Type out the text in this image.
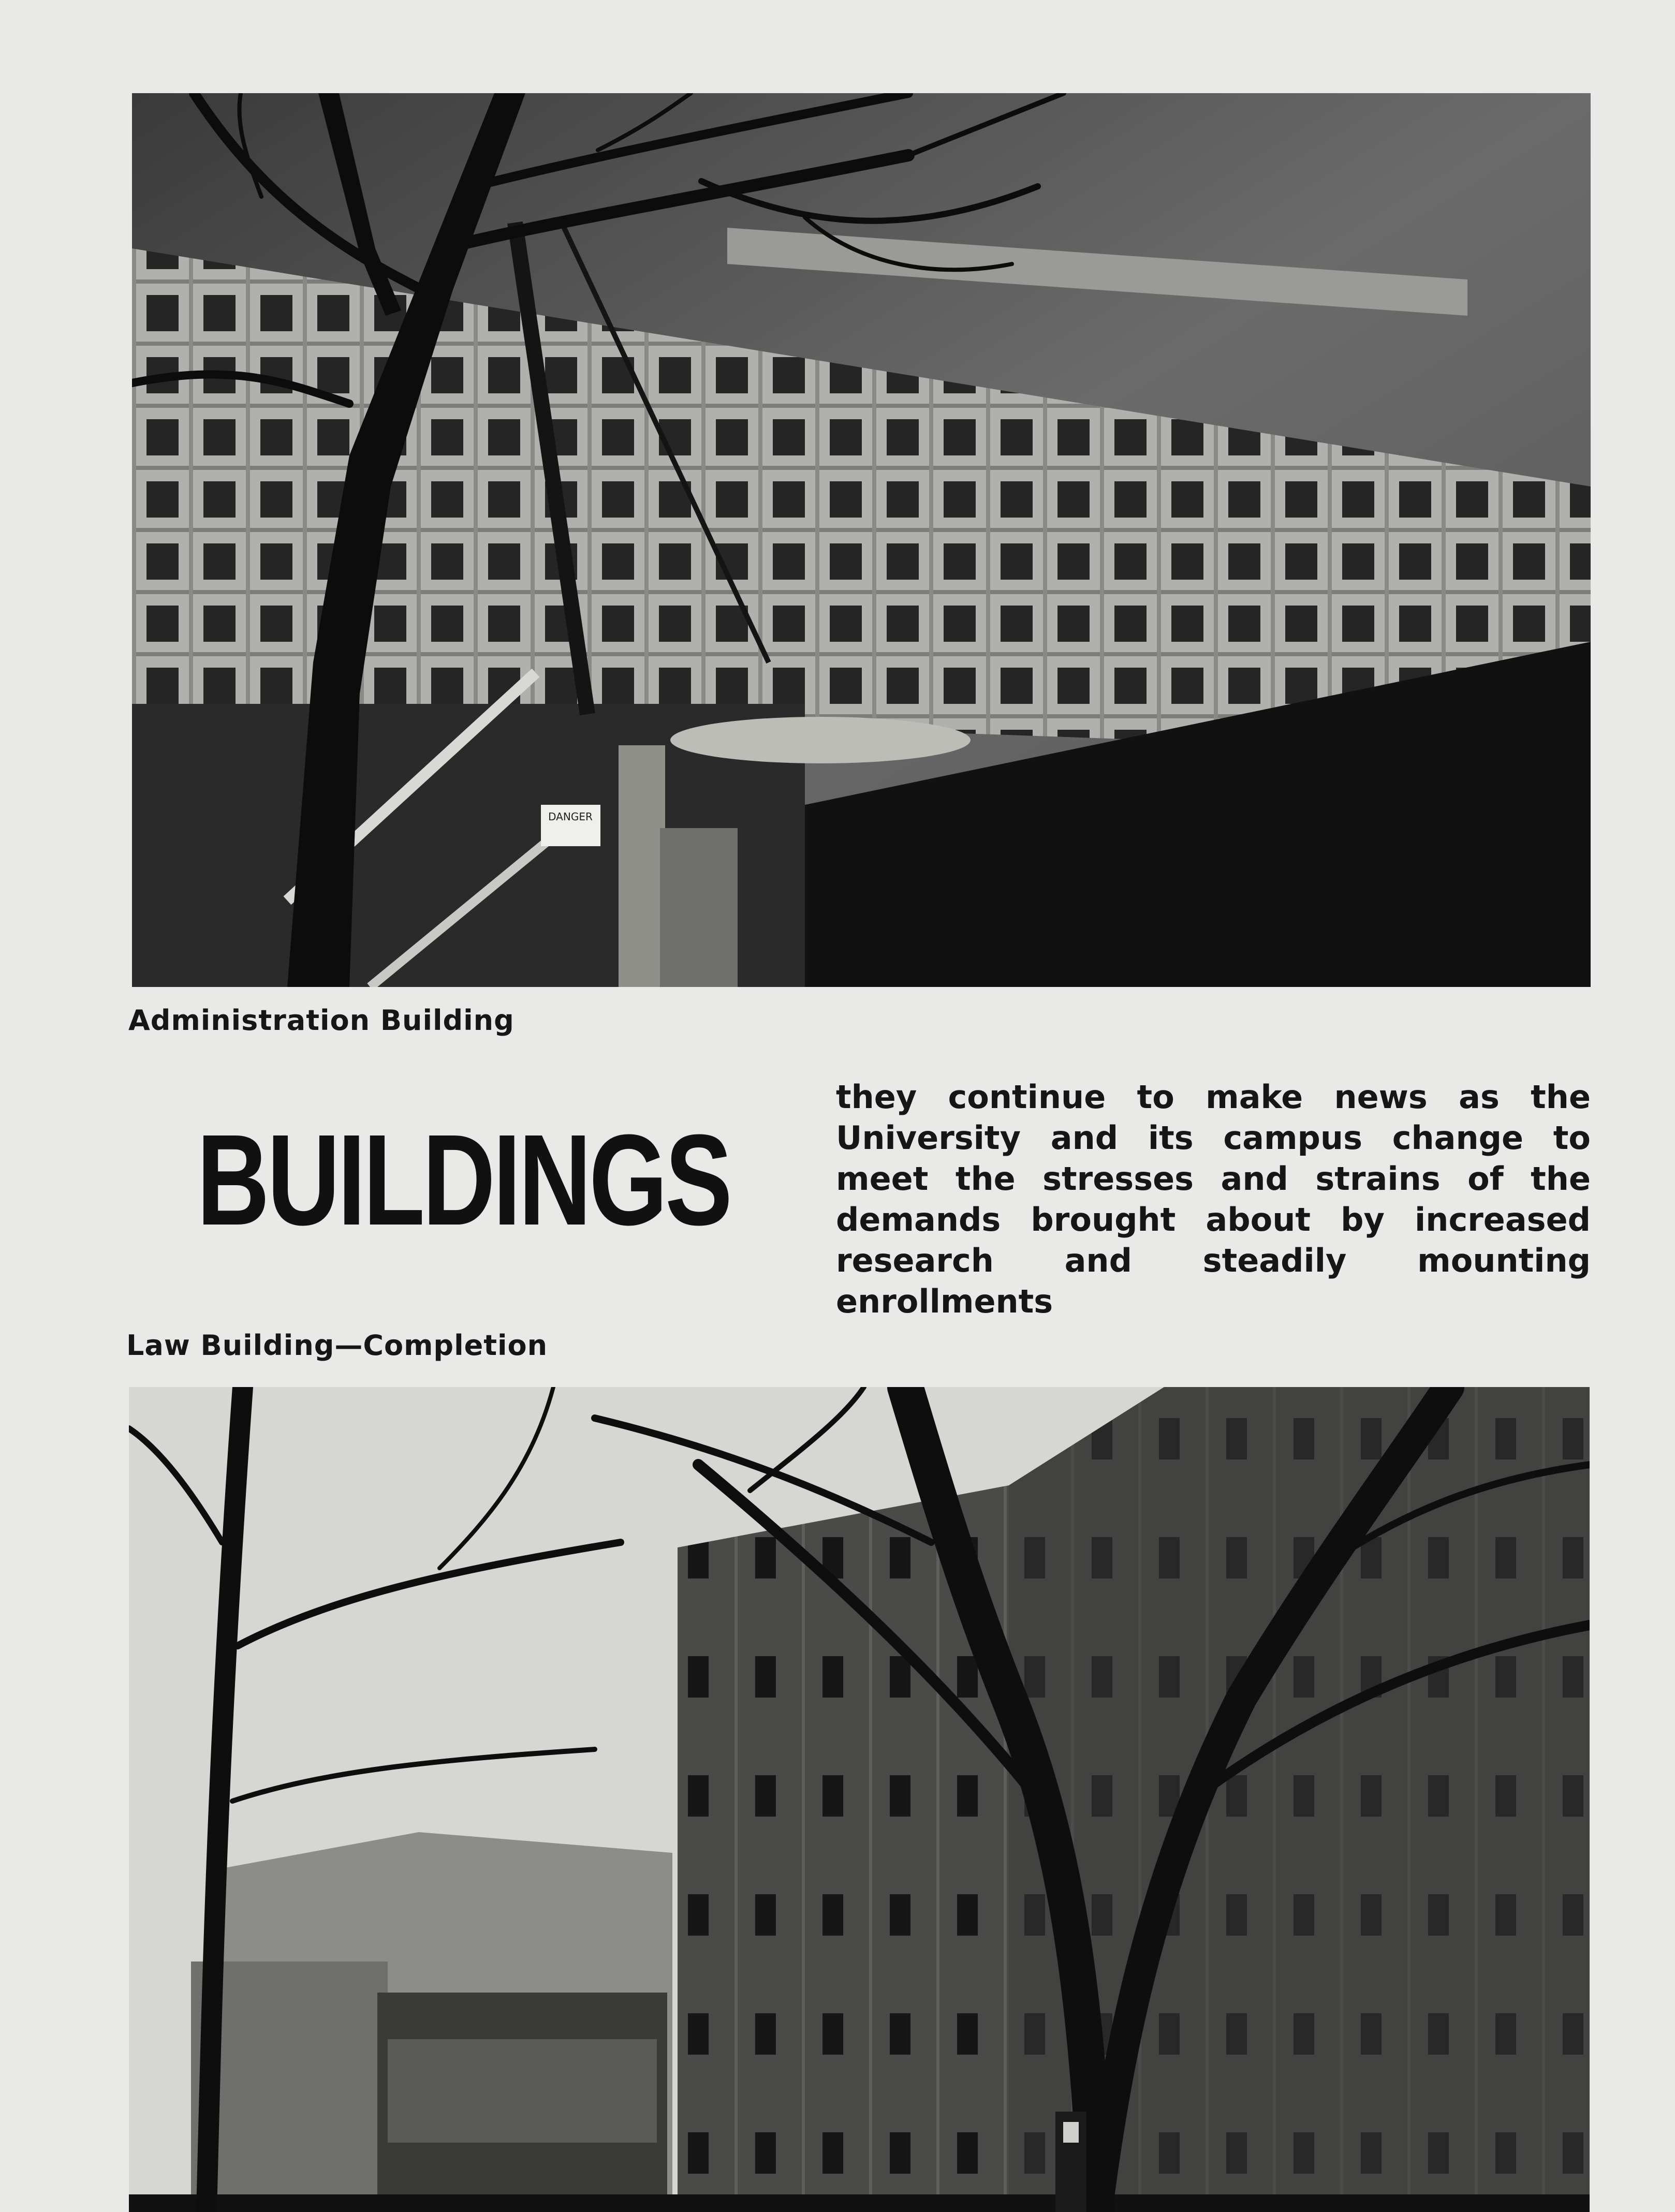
DANGER
Administration Building
BUILDINGS
they continue to make news as the University and its campus change to meet the stresses and strains of the demands brought about by increased research and steadily mounting enrollments
Law Building—Completion
